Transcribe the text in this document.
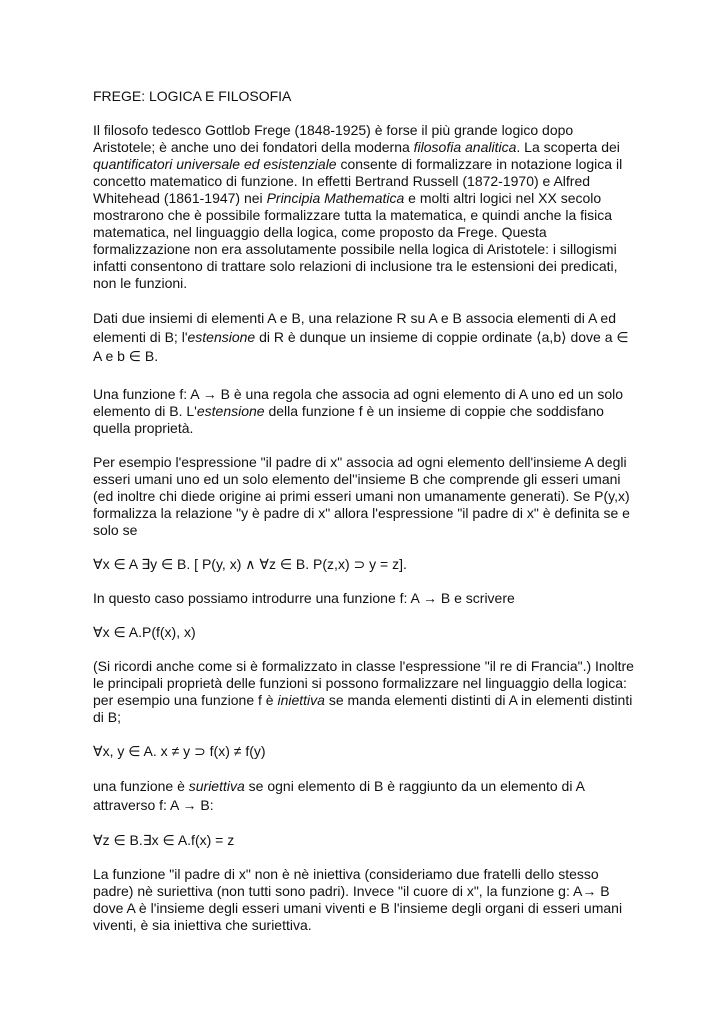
FREGE: LOGICA E FILOSOFIA

Il filosofo tedesco Gottlob Frege (1848-1925) è forse il più grande logico dopo Aristotele; è anche uno dei fondatori della moderna filosofia analitica. La scoperta dei quantificatori universale ed esistenziale consente di formalizzare in notazione logica il concetto matematico di funzione. In effetti Bertrand Russell (1872-1970) e Alfred Whitehead (1861-1947) nei Principia Mathematica e molti altri logici nel XX secolo mostrarono che è possibile formalizzare tutta la matematica, e quindi anche la fisica matematica, nel linguaggio della logica, come proposto da Frege. Questa formalizzazione non era assolutamente possibile nella logica di Aristotele: i sillogismi infatti consentono di trattare solo relazioni di inclusione tra le estensioni dei predicati, non le funzioni.

Dati due insiemi di elementi A e B, una relazione R su A e B associa elementi di A ed elementi di B; l'estensione di R è dunque un insieme di coppie ordinate ⟨a,b⟩ dove a ∈ A e b ∈ B.

Una funzione f: A → B è una regola che associa ad ogni elemento di A uno ed un solo elemento di B. L'estensione della funzione f è un insieme di coppie che soddisfano quella proprietà.

Per esempio l'espressione "il padre di x" associa ad ogni elemento dell'insieme A degli esseri umani uno ed un solo elemento del''insieme B che comprende gli esseri umani (ed inoltre chi diede origine ai primi esseri umani non umanamente generati). Se P(y,x) formalizza la relazione "y è padre di x" allora l'espressione "il padre di x" è definita se e solo se

∀x ∈ A ∃y ∈ B. [ P(y, x) ∧ ∀z ∈ B. P(z,x) ⊃ y = z].

In questo caso possiamo introdurre una funzione f: A → B e scrivere

∀x ∈ A.P(f(x), x)

(Si ricordi anche come si è formalizzato in classe l'espressione "il re di Francia".) Inoltre le principali proprietà delle funzioni si possono formalizzare nel linguaggio della logica: per esempio una funzione f è iniettiva se manda elementi distinti di A in elementi distinti di B;

∀x, y ∈ A. x ≠ y ⊃ f(x) ≠ f(y)

una funzione è suriettiva se ogni elemento di B è raggiunto da un elemento di A attraverso f: A → B:

∀z ∈ B.∃x ∈ A.f(x) = z

La funzione "il padre di x" non è nè iniettiva (consideriamo due fratelli dello stesso padre) nè suriettiva (non tutti sono padri). Invece "il cuore di x", la funzione g: A→ B dove A è l'insieme degli esseri umani viventi e B l'insieme degli organi di esseri umani viventi, è sia iniettiva che suriettiva.
